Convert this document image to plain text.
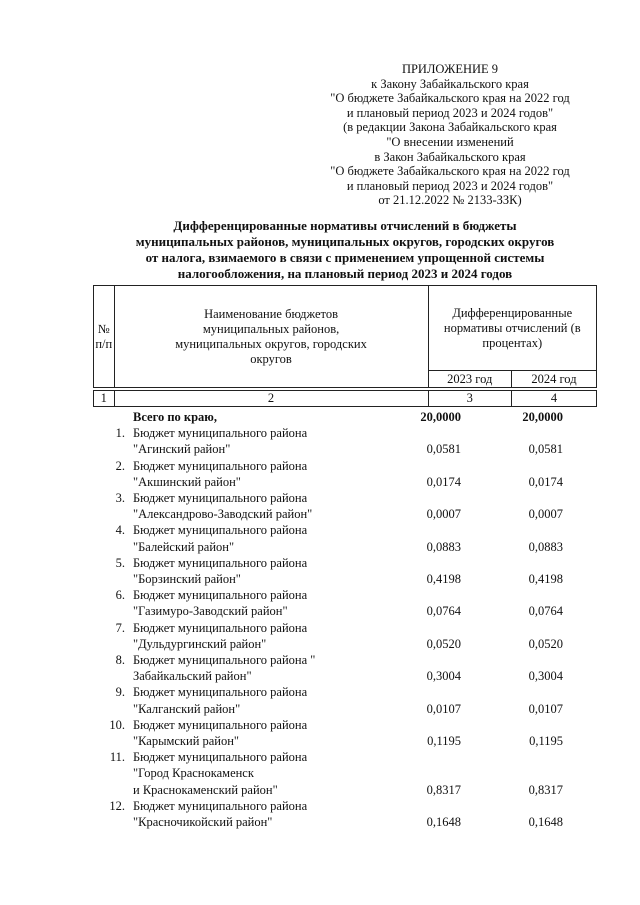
ПРИЛОЖЕНИЕ 9
к Закону Забайкальского края
"О бюджете Забайкальского края на 2022 год
и плановый период 2023 и 2024 годов"
(в редакции Закона Забайкальского края
"О внесении изменений
в Закон Забайкальского края
"О бюджете Забайкальского края на 2022 год
и плановый период 2023 и 2024 годов"
от 21.12.2022 № 2133-ЗЗК)
Дифференцированные нормативы отчислений в бюджеты
муниципальных районов, муниципальных округов, городских округов
от налога, взимаемого в связи с применением упрощенной системы
налогообложения, на плановый период 2023 и 2024 годов
№ п/п	Наименование бюджетов муниципальных районов, муниципальных округов, городских округов	Дифференцированные нормативы отчислений (в процентах)	
		2023 год	2024 год

1	2	3	4
Всего по краю,	20,0000	20,0000
1. Бюджет муниципального района
"Агинский район"	0,0581	0,0581
2. Бюджет муниципального района
"Акшинский район"	0,0174	0,0174
3. Бюджет муниципального района
"Александрово-Заводский район"	0,0007	0,0007
4. Бюджет муниципального района
"Балейский район"	0,0883	0,0883
5. Бюджет муниципального района
"Борзинский район"	0,4198	0,4198
6. Бюджет муниципального района
"Газимуро-Заводский район"	0,0764	0,0764
7. Бюджет муниципального района
"Дульдургинский район"	0,0520	0,0520
8. Бюджет муниципального района "
Забайкальский район"	0,3004	0,3004
9. Бюджет муниципального района
"Калганский район"	0,0107	0,0107
10. Бюджет муниципального района
"Карымский район"	0,1195	0,1195
11. Бюджет муниципального района
"Город Краснокаменск
и Краснокаменский район"	0,8317	0,8317
12. Бюджет муниципального района
"Красночикойский район"	0,1648	0,1648
